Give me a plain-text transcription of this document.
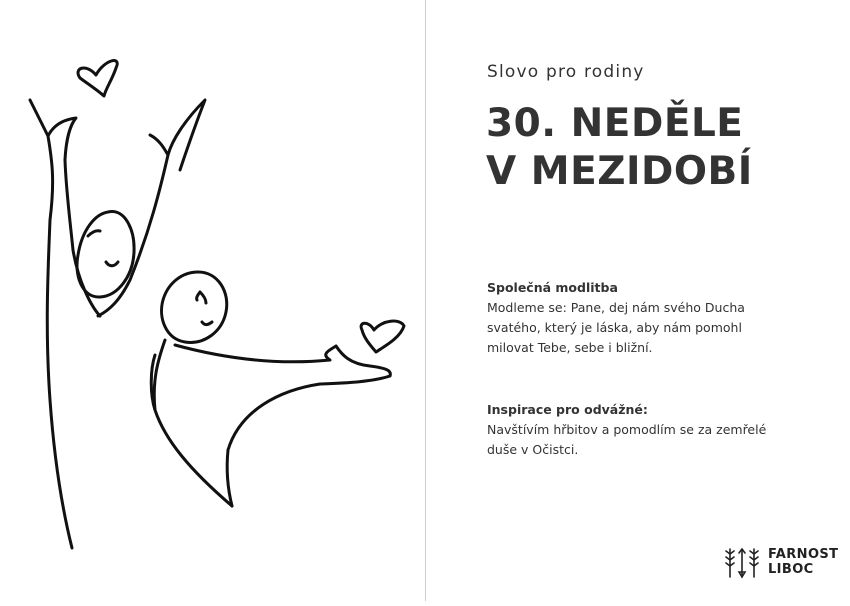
Slovo pro rodiny
30. NEDĚLE
V MEZIDOBÍ
Společná modlitba
Modleme se: Pane, dej nám svého Ducha svatého, který je láska, aby nám pomohl milovat Tebe, sebe i bližní.
Inspirace pro odvážné:
Navštívím hřbitov a pomodlím se za zemřelé duše v Očistci.
FARNOST
LIBOC
